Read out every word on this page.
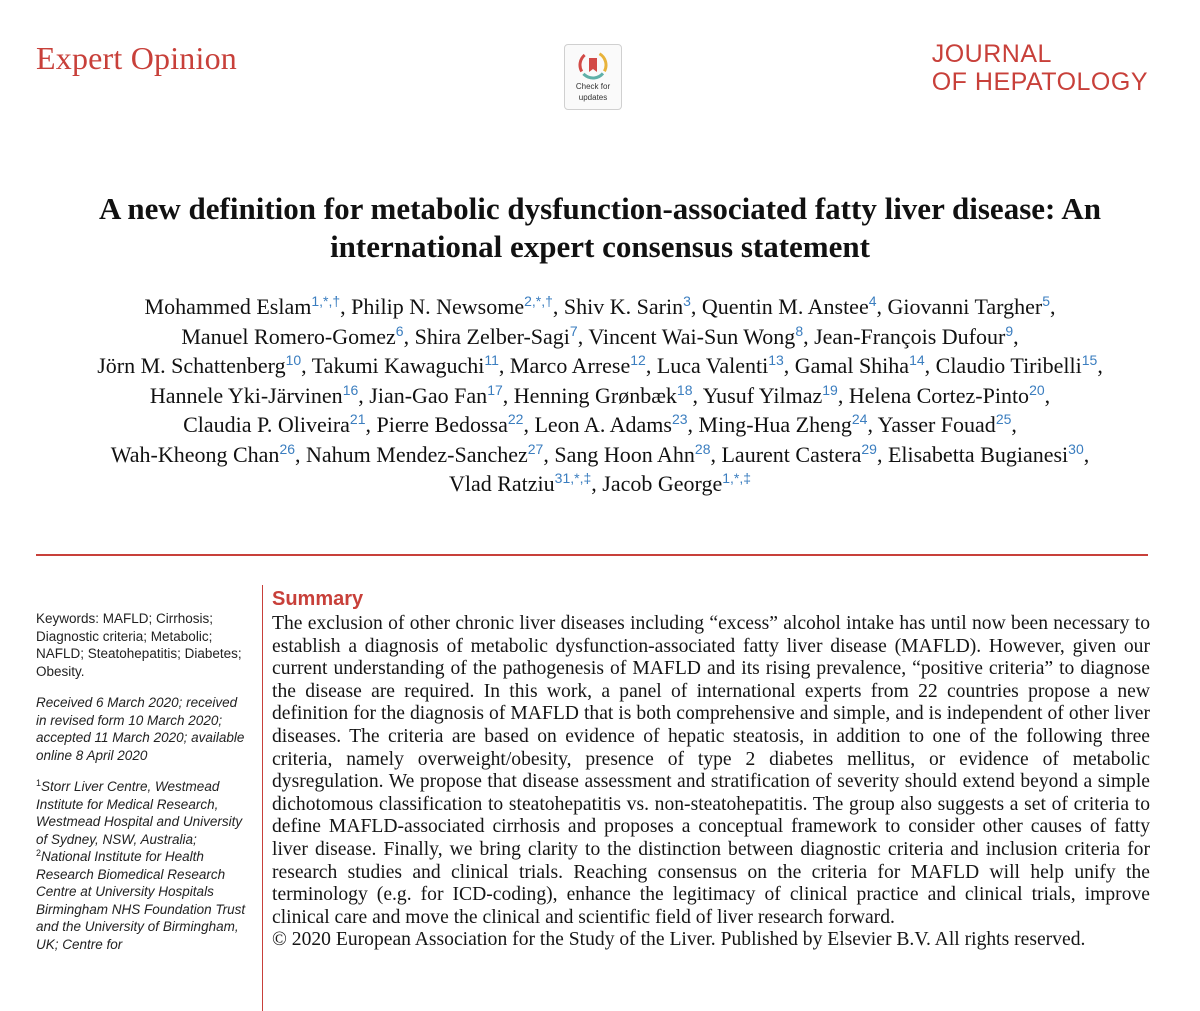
Expert Opinion
Check for
updates
JOURNAL
OF HEPATOLOGY
A new definition for metabolic dysfunction-associated fatty liver disease: An international expert consensus statement
Mohammed Eslam$^{1,*,\dagger}$, Philip N. Newsome$^{2,*,\dagger}$, Shiv K. Sarin$^3$, Quentin M. Anstee$^4$, Giovanni Targher$^5$, Manuel Romero-Gomez$^6$, Shira Zelber-Sagi$^7$, Vincent Wai-Sun Wong$^8$, Jean-François Dufour$^9$, Jörn M. Schattenberg$^{10}$, Takumi Kawaguchi$^{11}$, Marco Arrese$^{12}$, Luca Valenti$^{13}$, Gamal Shiha$^{14}$, Claudio Tiribelli$^{15}$, Hannele Yki-Järvinen$^{16}$, Jian-Gao Fan$^{17}$, Henning Grønbæk$^{18}$, Yusuf Yilmaz$^{19}$, Helena Cortez-Pinto$^{20}$, Claudia P. Oliveira$^{21}$, Pierre Bedossa$^{22}$, Leon A. Adams$^{23}$, Ming-Hua Zheng$^{24}$, Yasser Fouad$^{25}$, Wah-Kheong Chan$^{26}$, Nahum Mendez-Sanchez$^{27}$, Sang Hoon Ahn$^{28}$, Laurent Castera$^{29}$, Elisabetta Bugianesi$^{30}$, Vlad Ratziu$^{31,*,\ddagger}$, Jacob George$^{1,*,\ddagger}$
Keywords: MAFLD; Cirrhosis; Diagnostic criteria; Metabolic; NAFLD; Steatohepatitis; Diabetes; Obesity.
Received 6 March 2020; received in revised form 10 March 2020; accepted 11 March 2020; available online 8 April 2020
$^1$Storr Liver Centre, Westmead Institute for Medical Research, Westmead Hospital and University of Sydney, NSW, Australia;
$^2$National Institute for Health Research Biomedical Research Centre at University Hospitals Birmingham NHS Foundation Trust and the University of Birmingham, UK; Centre for
Summary

The exclusion of other chronic liver diseases including “excess” alcohol intake has until now been necessary to establish a diagnosis of metabolic dysfunction-associated fatty liver disease (MAFLD). However, given our current understanding of the pathogenesis of MAFLD and its rising prevalence, “positive criteria” to diagnose the disease are required. In this work, a panel of international experts from 22 countries propose a new definition for the diagnosis of MAFLD that is both comprehensive and simple, and is independent of other liver diseases. The criteria are based on evidence of hepatic steatosis, in addition to one of the following three criteria, namely overweight/obesity, presence of type 2 diabetes mellitus, or evidence of metabolic dysregulation. We propose that disease assessment and stratification of severity should extend beyond a simple dichotomous classification to steatohepatitis vs. non-steatohepatitis. The group also suggests a set of criteria to define MAFLD-associated cirrhosis and proposes a conceptual framework to consider other causes of fatty liver disease. Finally, we bring clarity to the distinction between diagnostic criteria and inclusion criteria for research studies and clinical trials. Reaching consensus on the criteria for MAFLD will help unify the terminology (e.g. for ICD-coding), enhance the legitimacy of clinical practice and clinical trials, improve clinical care and move the clinical and scientific field of liver research forward.
© 2020 European Association for the Study of the Liver. Published by Elsevier B.V. All rights reserved.
